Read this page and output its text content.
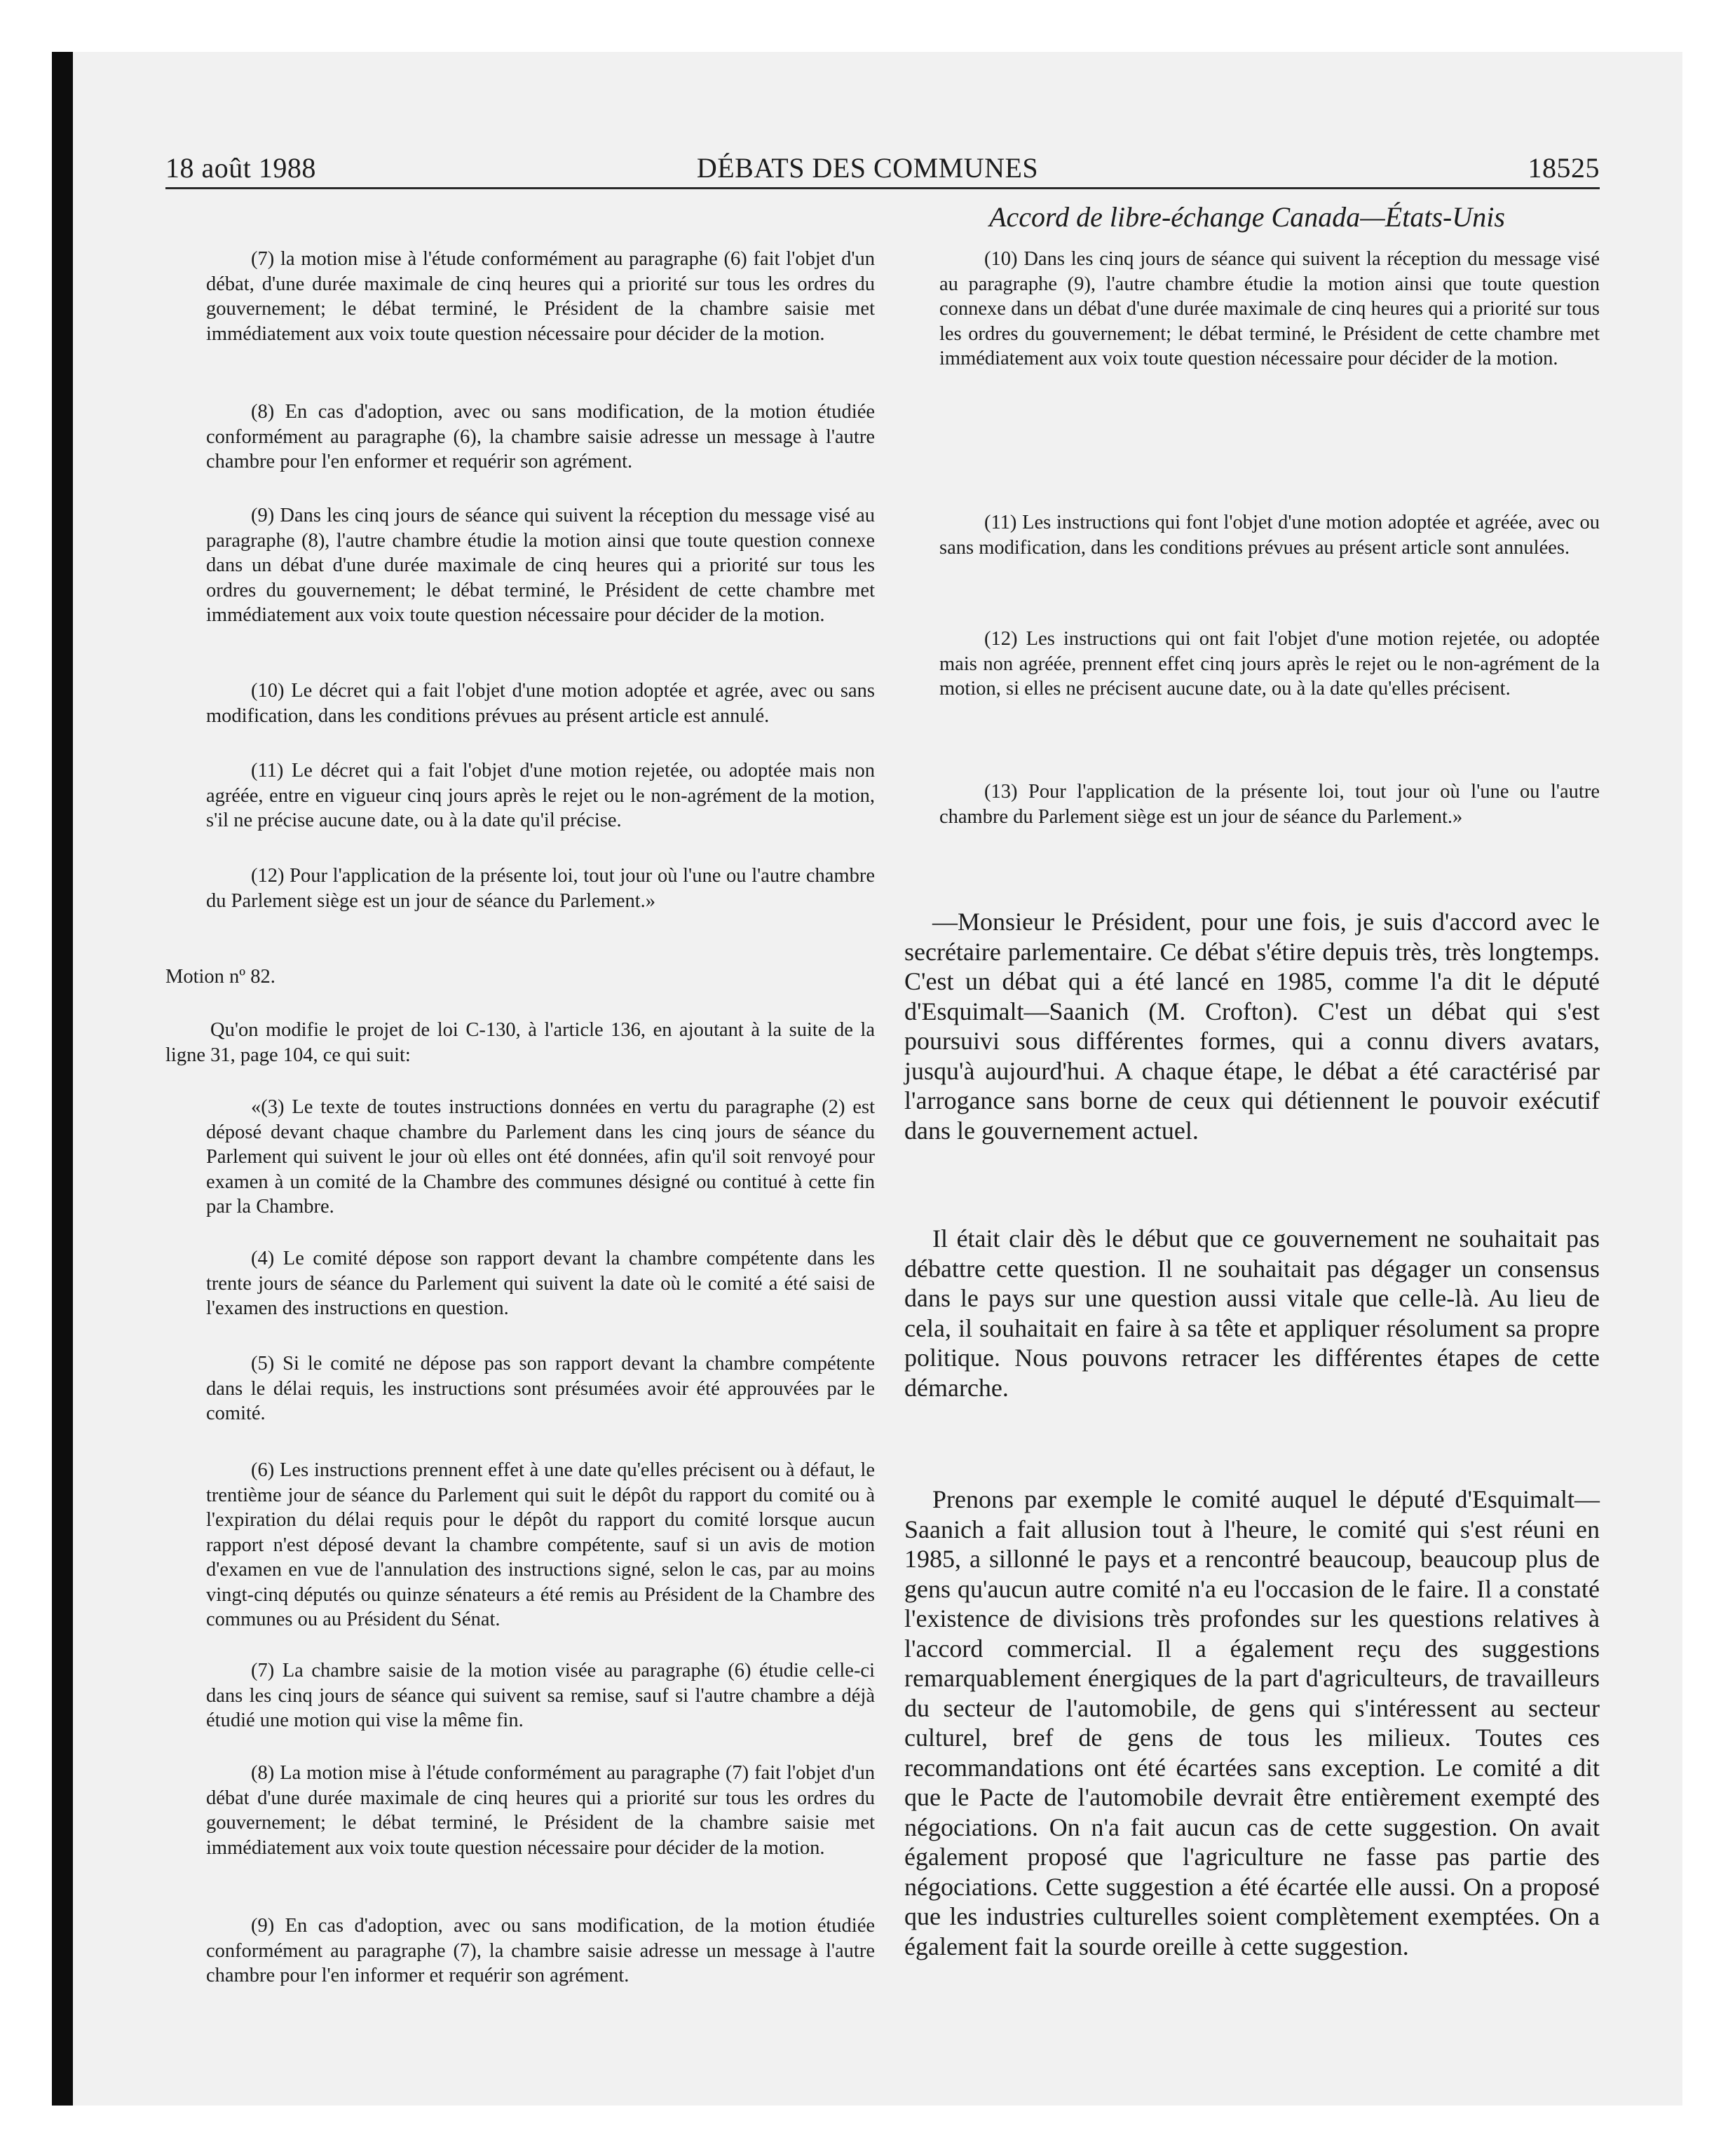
18 août 1988	DÉBATS DES COMMUNES	18525
Accord de libre-échange Canada—États-Unis

(7) la motion mise à l'étude conformément au paragraphe (6) fait l'objet d'un débat, d'une durée maximale de cinq heures qui a priorité sur tous les ordres du gouvernement; le débat terminé, le Président de la chambre saisie met immédiatement aux voix toute question nécessaire pour décider de la motion.

(8) En cas d'adoption, avec ou sans modification, de la motion étudiée conformément au paragraphe (6), la chambre saisie adresse un message à l'autre chambre pour l'en enformer et requérir son agrément.

(9) Dans les cinq jours de séance qui suivent la réception du message visé au paragraphe (8), l'autre chambre étudie la motion ainsi que toute question connexe dans un débat d'une durée maximale de cinq heures qui a priorité sur tous les ordres du gouvernement; le débat terminé, le Président de cette chambre met immédiatement aux voix toute question nécessaire pour décider de la motion.

(10) Le décret qui a fait l'objet d'une motion adoptée et agrée, avec ou sans modification, dans les conditions prévues au présent article est annulé.

(11) Le décret qui a fait l'objet d'une motion rejetée, ou adoptée mais non agréée, entre en vigueur cinq jours après le rejet ou le non-agrément de la motion, s'il ne précise aucune date, ou à la date qu'il précise.

(12) Pour l'application de la présente loi, tout jour où l'une ou l'autre chambre du Parlement siège est un jour de séance du Parlement.»

Motion nº 82.

Qu'on modifie le projet de loi C-130, à l'article 136, en ajoutant à la suite de la ligne 31, page 104, ce qui suit:

«(3) Le texte de toutes instructions données en vertu du paragraphe (2) est déposé devant chaque chambre du Parlement dans les cinq jours de séance du Parlement qui suivent le jour où elles ont été données, afin qu'il soit renvoyé pour examen à un comité de la Chambre des communes désigné ou contitué à cette fin par la Chambre.

(4) Le comité dépose son rapport devant la chambre compétente dans les trente jours de séance du Parlement qui suivent la date où le comité a été saisi de l'examen des instructions en question.

(5) Si le comité ne dépose pas son rapport devant la chambre compétente dans le délai requis, les instructions sont présumées avoir été approuvées par le comité.

(6) Les instructions prennent effet à une date qu'elles précisent ou à défaut, le trentième jour de séance du Parlement qui suit le dépôt du rapport du comité ou à l'expiration du délai requis pour le dépôt du rapport du comité lorsque aucun rapport n'est déposé devant la chambre compétente, sauf si un avis de motion d'examen en vue de l'annulation des instructions signé, selon le cas, par au moins vingt-cinq députés ou quinze sénateurs a été remis au Président de la Chambre des communes ou au Président du Sénat.

(7) La chambre saisie de la motion visée au paragraphe (6) étudie celle-ci dans les cinq jours de séance qui suivent sa remise, sauf si l'autre chambre a déjà étudié une motion qui vise la même fin.

(8) La motion mise à l'étude conformément au paragraphe (7) fait l'objet d'un débat d'une durée maximale de cinq heures qui a priorité sur tous les ordres du gouvernement; le débat terminé, le Président de la chambre saisie met immédiatement aux voix toute question nécessaire pour décider de la motion.

(9) En cas d'adoption, avec ou sans modification, de la motion étudiée conformément au paragraphe (7), la chambre saisie adresse un message à l'autre chambre pour l'en informer et requérir son agrément.

(10) Dans les cinq jours de séance qui suivent la réception du message visé au paragraphe (9), l'autre chambre étudie la motion ainsi que toute question connexe dans un débat d'une durée maximale de cinq heures qui a priorité sur tous les ordres du gouvernement; le débat terminé, le Président de cette chambre met immédiatement aux voix toute question nécessaire pour décider de la motion.

(11) Les instructions qui font l'objet d'une motion adoptée et agréée, avec ou sans modification, dans les conditions prévues au présent article sont annulées.

(12) Les instructions qui ont fait l'objet d'une motion rejetée, ou adoptée mais non agréée, prennent effet cinq jours après le rejet ou le non-agrément de la motion, si elles ne précisent aucune date, ou à la date qu'elles précisent.

(13) Pour l'application de la présente loi, tout jour où l'une ou l'autre chambre du Parlement siège est un jour de séance du Parlement.»

—Monsieur le Président, pour une fois, je suis d'accord avec le secrétaire parlementaire. Ce débat s'étire depuis très, très longtemps. C'est un débat qui a été lancé en 1985, comme l'a dit le député d'Esquimalt—Saanich (M. Crofton). C'est un débat qui s'est poursuivi sous différentes formes, qui a connu divers avatars, jusqu'à aujourd'hui. A chaque étape, le débat a été caractérisé par l'arrogance sans borne de ceux qui détiennent le pouvoir exécutif dans le gouvernement actuel.

Il était clair dès le début que ce gouvernement ne souhaitait pas débattre cette question. Il ne souhaitait pas dégager un consensus dans le pays sur une question aussi vitale que celle-là. Au lieu de cela, il souhaitait en faire à sa tête et appliquer résolument sa propre politique. Nous pouvons retracer les différentes étapes de cette démarche.

Prenons par exemple le comité auquel le député d'Esquimalt—Saanich a fait allusion tout à l'heure, le comité qui s'est réuni en 1985, a sillonné le pays et a rencontré beaucoup, beaucoup plus de gens qu'aucun autre comité n'a eu l'occasion de le faire. Il a constaté l'existence de divisions très profondes sur les questions relatives à l'accord commercial. Il a également reçu des suggestions remarquablement énergiques de la part d'agriculteurs, de travailleurs du secteur de l'automobile, de gens qui s'intéressent au secteur culturel, bref de gens de tous les milieux. Toutes ces recommandations ont été écartées sans exception. Le comité a dit que le Pacte de l'automobile devrait être entièrement exempté des négociations. On n'a fait aucun cas de cette suggestion. On avait également proposé que l'agriculture ne fasse pas partie des négociations. Cette suggestion a été écartée elle aussi. On a proposé que les industries culturelles soient complètement exemptées. On a également fait la sourde oreille à cette suggestion.
